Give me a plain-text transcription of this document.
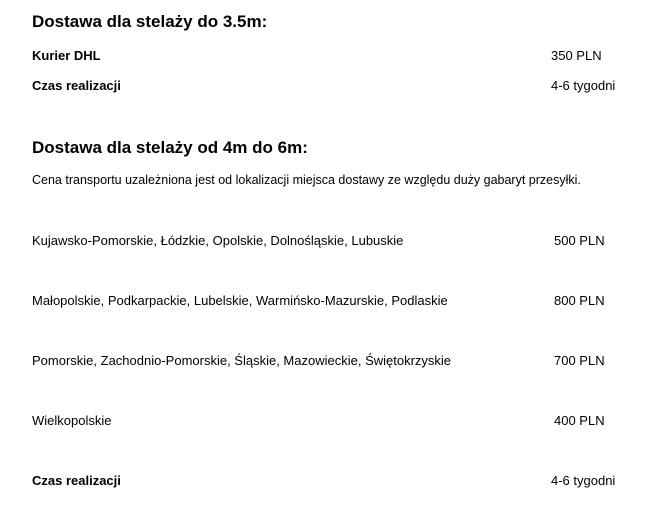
Dostawa dla stelaży do 3.5m:
Kurier DHL	350 PLN
Czas realizacji	4-6 tygodni
Dostawa dla stelaży od 4m do 6m:
Cena transportu uzależniona jest od lokalizacji miejsca dostawy ze względu duży gabaryt przesyłki.
Kujawsko-Pomorskie, Łódzkie, Opolskie, Dolnośląskie, Lubuskie	500 PLN
Małopolskie, Podkarpackie, Lubelskie, Warmińsko-Mazurskie, Podlaskie	800 PLN
Pomorskie, Zachodnio-Pomorskie, Śląskie, Mazowieckie, Świętokrzyskie	700 PLN
Wielkopolskie	400 PLN
Czas realizacji	4-6 tygodni
